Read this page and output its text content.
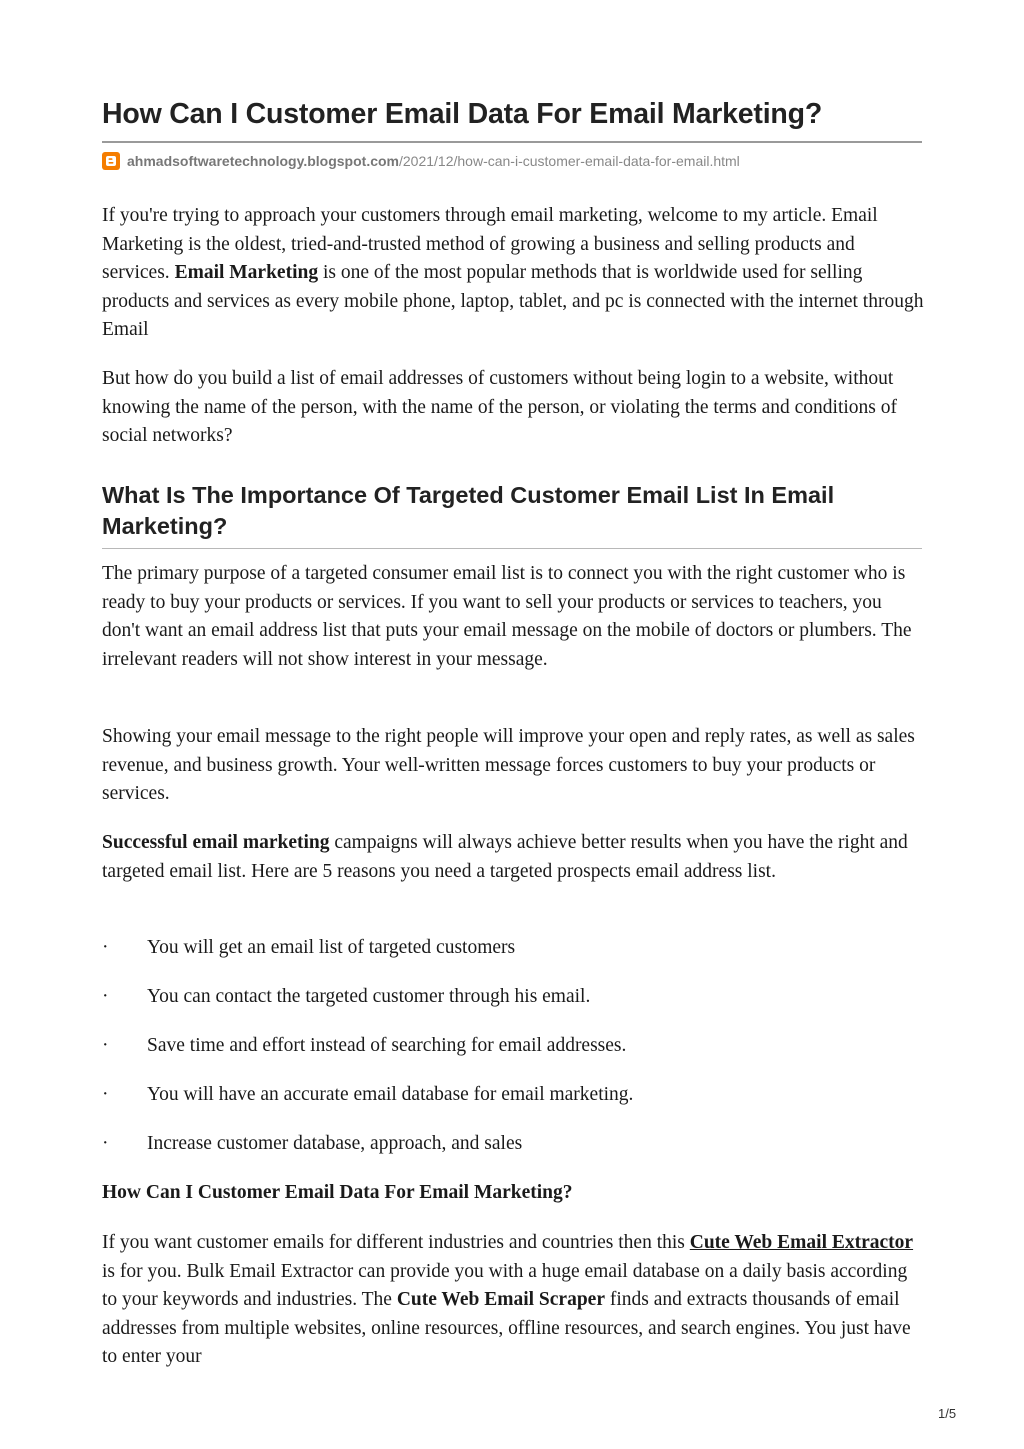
How Can I Customer Email Data For Email Marketing?
ahmadsoftwaretechnology.blogspot.com /2021/12/how-can-i-customer-email-data-for-email.html

If you're trying to approach your customers through email marketing, welcome to my article. Email Marketing is the oldest, tried-and-trusted method of growing a business and selling products and services. Email Marketing is one of the most popular methods that is worldwide used for selling products and services as every mobile phone, laptop, tablet, and pc is connected with the internet through Email

But how do you build a list of email addresses of customers without being login to a website, without knowing the name of the person, with the name of the person, or violating the terms and conditions of social networks?

What Is The Importance Of Targeted Customer Email List In Email Marketing?

The primary purpose of a targeted consumer email list is to connect you with the right customer who is ready to buy your products or services. If you want to sell your products or services to teachers, you don't want an email address list that puts your email message on the mobile of doctors or plumbers. The irrelevant readers will not show interest in your message.

Showing your email message to the right people will improve your open and reply rates, as well as sales revenue, and business growth. Your well-written message forces customers to buy your products or services.

Successful email marketing campaigns will always achieve better results when you have the right and targeted email list. Here are 5 reasons you need a targeted prospects email address list.

· You will get an email list of targeted customers
· You can contact the targeted customer through his email.
· Save time and effort instead of searching for email addresses.
· You will have an accurate email database for email marketing.
· Increase customer database, approach, and sales
How Can I Customer Email Data For Email Marketing?

If you want customer emails for different industries and countries then this Cute Web Email Extractor is for you. Bulk Email Extractor can provide you with a huge email database on a daily basis according to your keywords and industries. The Cute Web Email Scraper finds and extracts thousands of email addresses from multiple websites, online resources, offline resources, and search engines. You just have to enter your

1/5
